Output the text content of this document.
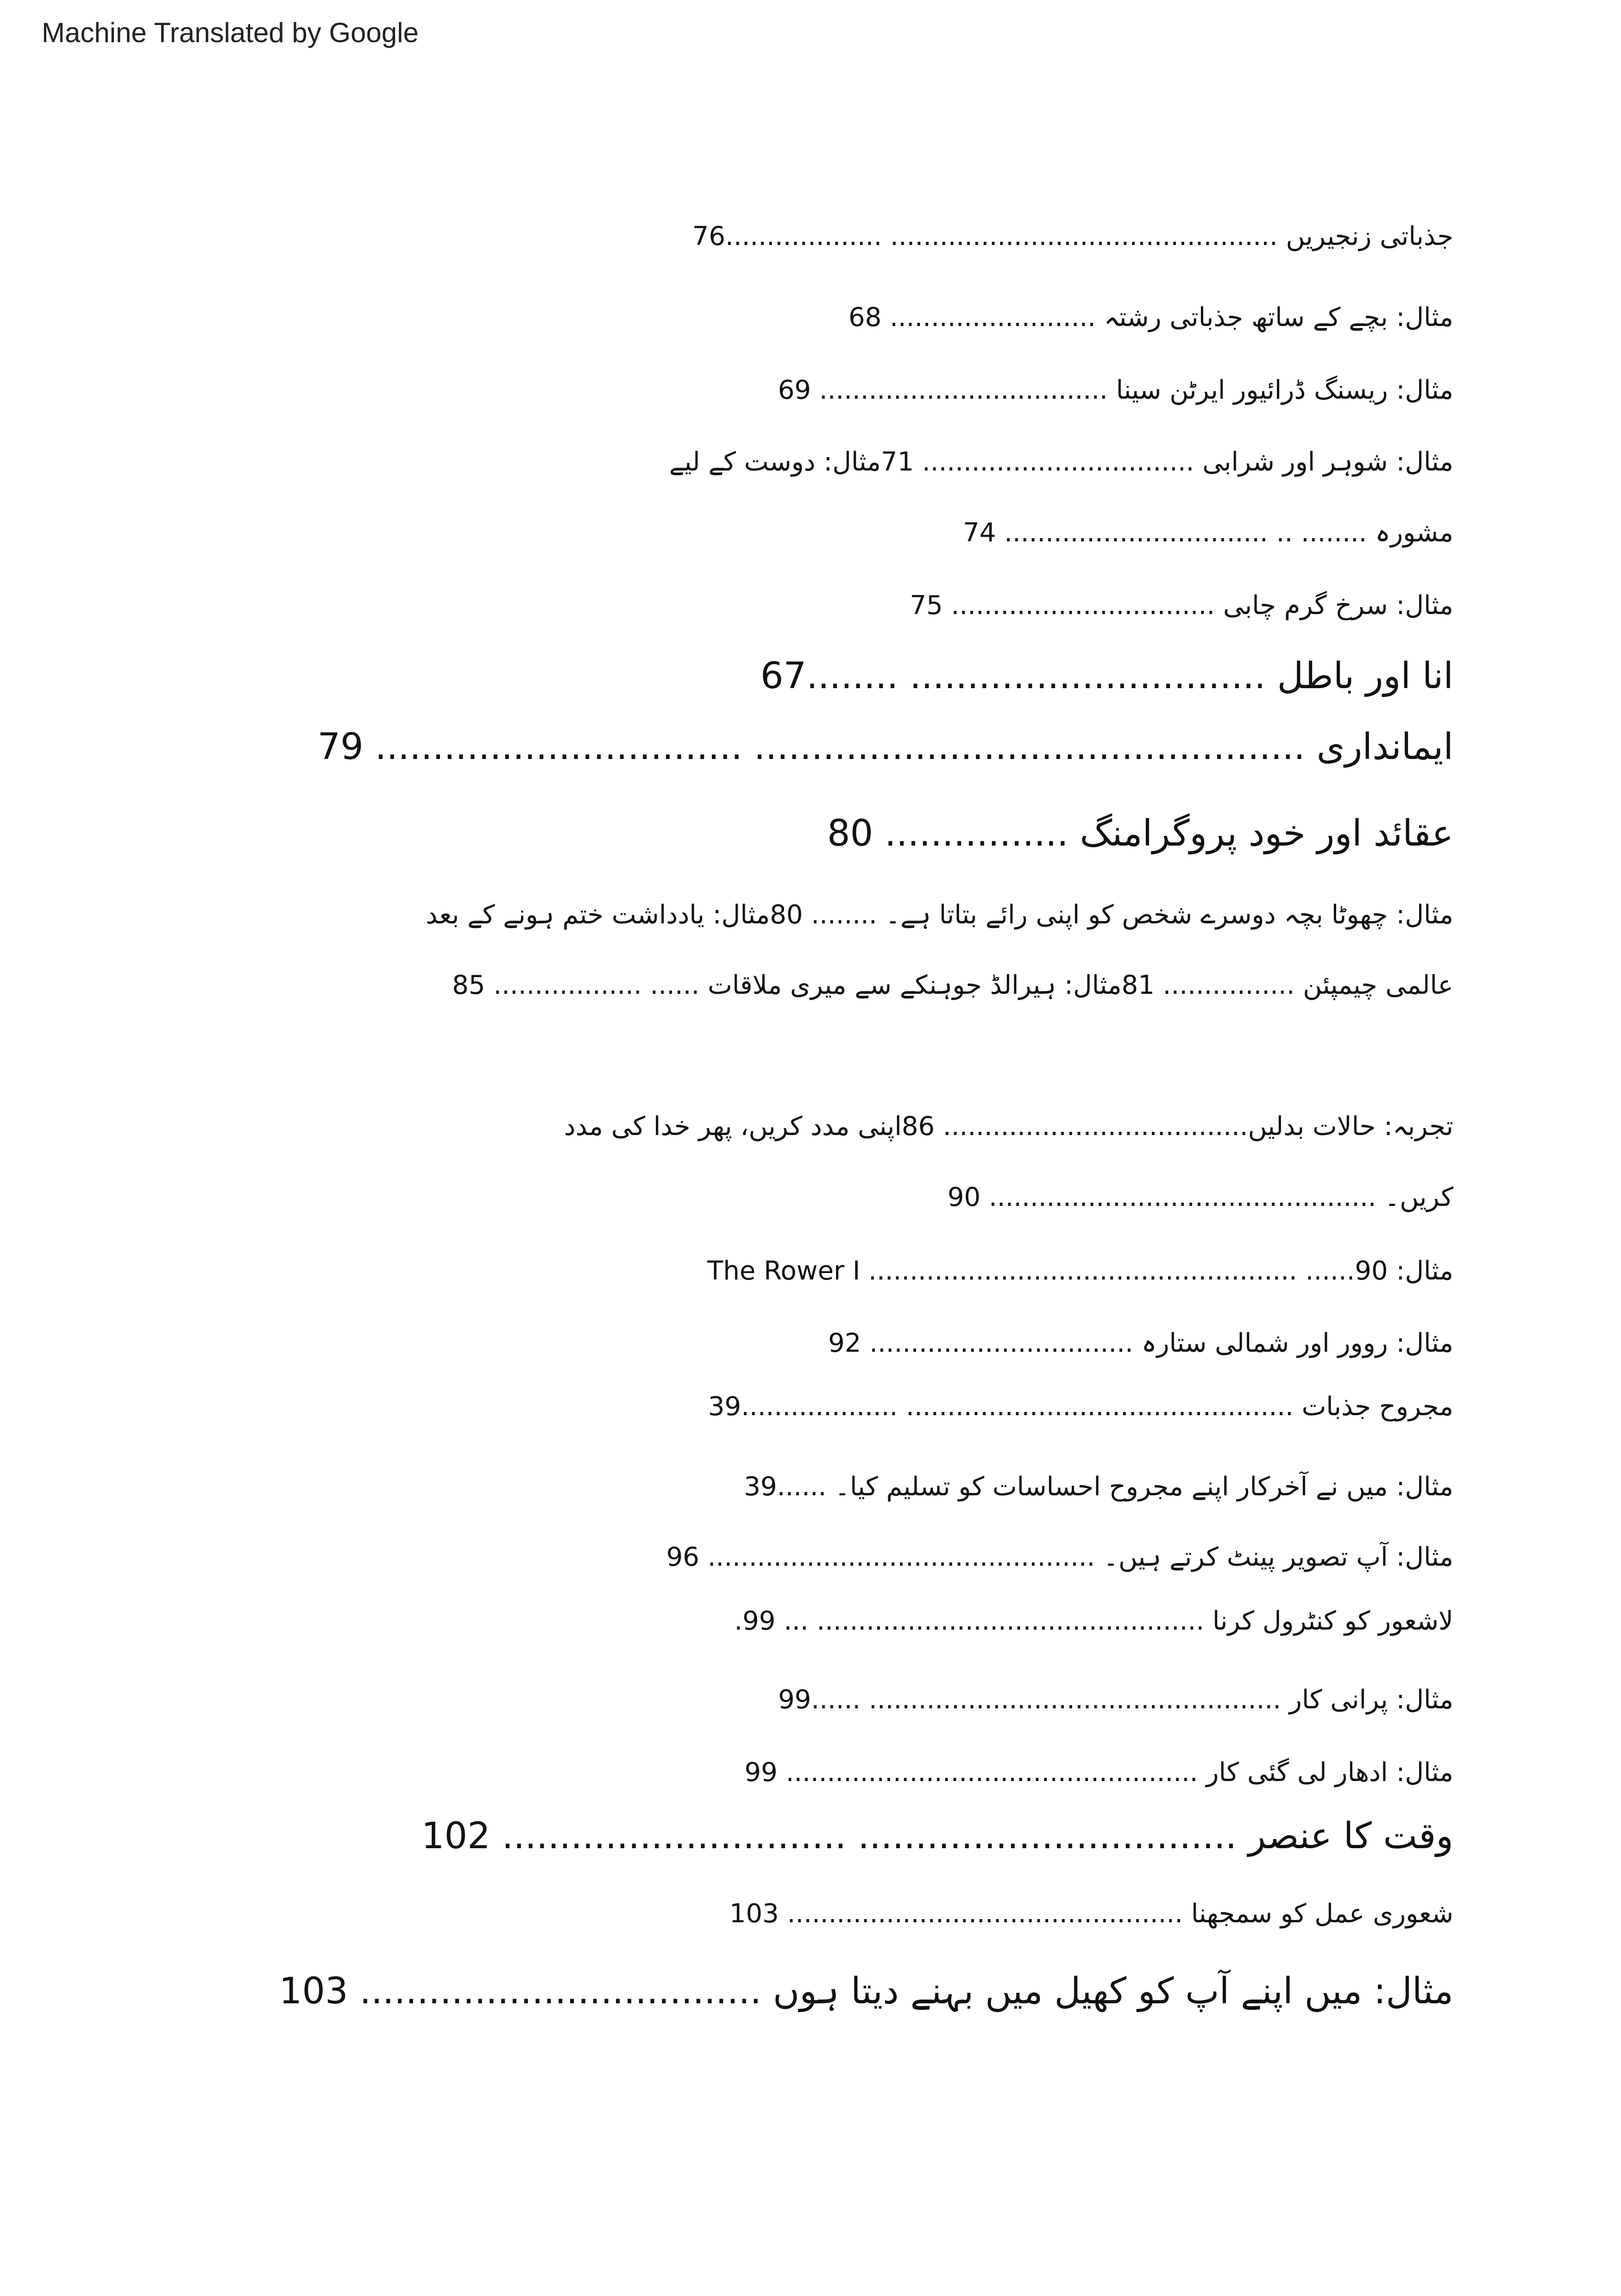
Machine Translated by Google
جذباتی زنجیریں ............................................... ...................76
مثال: بچے کے ساتھ جذباتی رشتہ ......................... 68
مثال: ریسنگ ڈرائیور ایرٹن سینا ................................... 69
مثال: شوہر اور شرابی ................................. 71مثال: دوست کے لیے
مشورہ ........ .. ................................ 74
مثال: سرخ گرم چابی ................................ 75
انا اور باطل ............................... ........67
ایمانداری ................................................ ................................ 79
عقائد اور خود پروگرامنگ ................ 80
مثال: چھوٹا بچہ دوسرے شخص کو اپنی رائے بتاتا ہے۔ ........ 80مثال: یادداشت ختم ہونے کے بعد
عالمی چیمپئن ................ 81مثال: ہیرالڈ جوہنکے سے میری ملاقات ...... .................. 85
تجربہ: حالات بدلیں..................................... 86اپنی مدد کریں، پھر خدا کی مدد
کریں۔ ............................................... 90
مثال: 90...... .................................................... The Rower I
مثال: روور اور شمالی ستارہ ................................ 92
مجروح جذبات ............................................... ...................39
مثال: میں نے آخرکار اپنے مجروح احساسات کو تسلیم کیا۔ ......39
مثال: آپ تصویر پینٹ کرتے ہیں۔ ............................................... 96
لاشعور کو کنٹرول کرنا ............................................... ... 99.
مثال: پرانی کار .................................................. ......99
مثال: ادھار لی گئی کار .................................................. 99
وقت کا عنصر ................................. .............................. 102
شعوری عمل کو سمجھنا ................................................ 103
مثال: میں اپنے آپ کو کھیل میں بہنے دیتا ہوں ................................... 103
